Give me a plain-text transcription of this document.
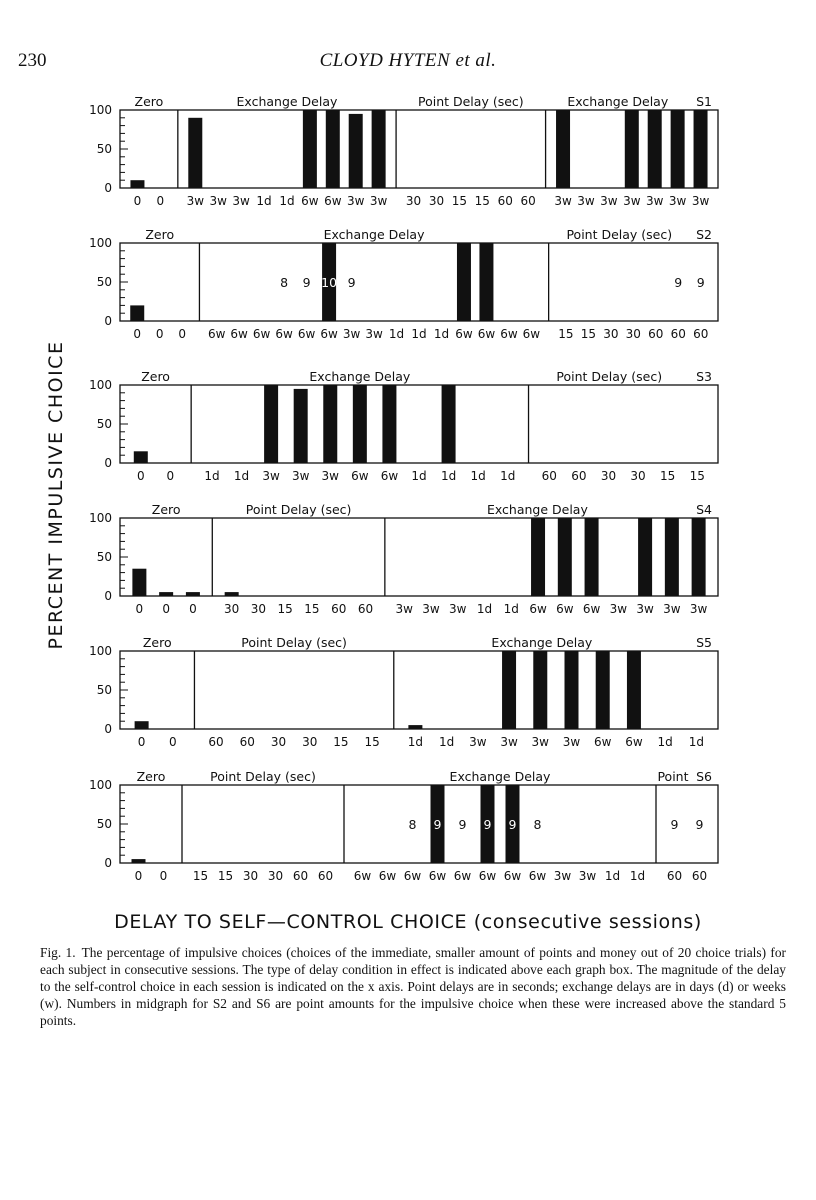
230	CLOYD HYTEN et al.
0
50
100
Zero
0 0
Exchange Delay
3w 3w 3w 1d 1d 6w 6w 3w 3w
Point Delay (sec)
30 30 15 15 60 60
Exchange Delay
3w 3w 3w 3w 3w 3w 3w
S1
0
50
100
Zero
0 0 0
Exchange Delay
6w 6w 6w 6w 6w 6w 3w 3w 1d 1d 1d 6w 6w 6w 6w
8 9 10 9
Point Delay (sec)
15 15 30 30 60 60 60
9 9
S2
0
50
100
Zero
0 0
Exchange Delay
1d 1d 3w 3w 3w 6w 6w 1d 1d 1d 1d
Point Delay (sec)
60 60 30 30 15 15
S3
0
50
100
Zero
0 0 0
Point Delay (sec)
30 30 15 15 60 60
Exchange Delay
3w 3w 3w 1d 1d 6w 6w 6w 3w 3w 3w 3w
S4
0
50
100
Zero
0 0
Point Delay (sec)
60 60 30 30 15 15
Exchange Delay
1d 1d 3w 3w 3w 3w 6w 6w 1d 1d
S5
0
50
100
Zero
0 0
Point Delay (sec)
15 15 30 30 60 60
Exchange Delay
6w 6w 6w 6w 6w 6w 6w 6w 3w 3w 1d 1d
8 9 9 9 9 8
Point
60 60
9 9
S6
PERCENT IMPULSIVE CHOICE
DELAY TO SELF—CONTROL CHOICE (consecutive sessions)
Fig. 1. The percentage of impulsive choices (choices of the immediate, smaller amount of points and money out of 20 choice trials) for each subject in consecutive sessions. The type of delay condition in effect is indicated above each graph box. The magnitude of the delay to the self-control choice in each session is indicated on the x axis. Point delays are in seconds; exchange delays are in days (d) or weeks (w). Numbers in midgraph for S2 and S6 are point amounts for the impulsive choice when these were increased above the standard 5 points.
